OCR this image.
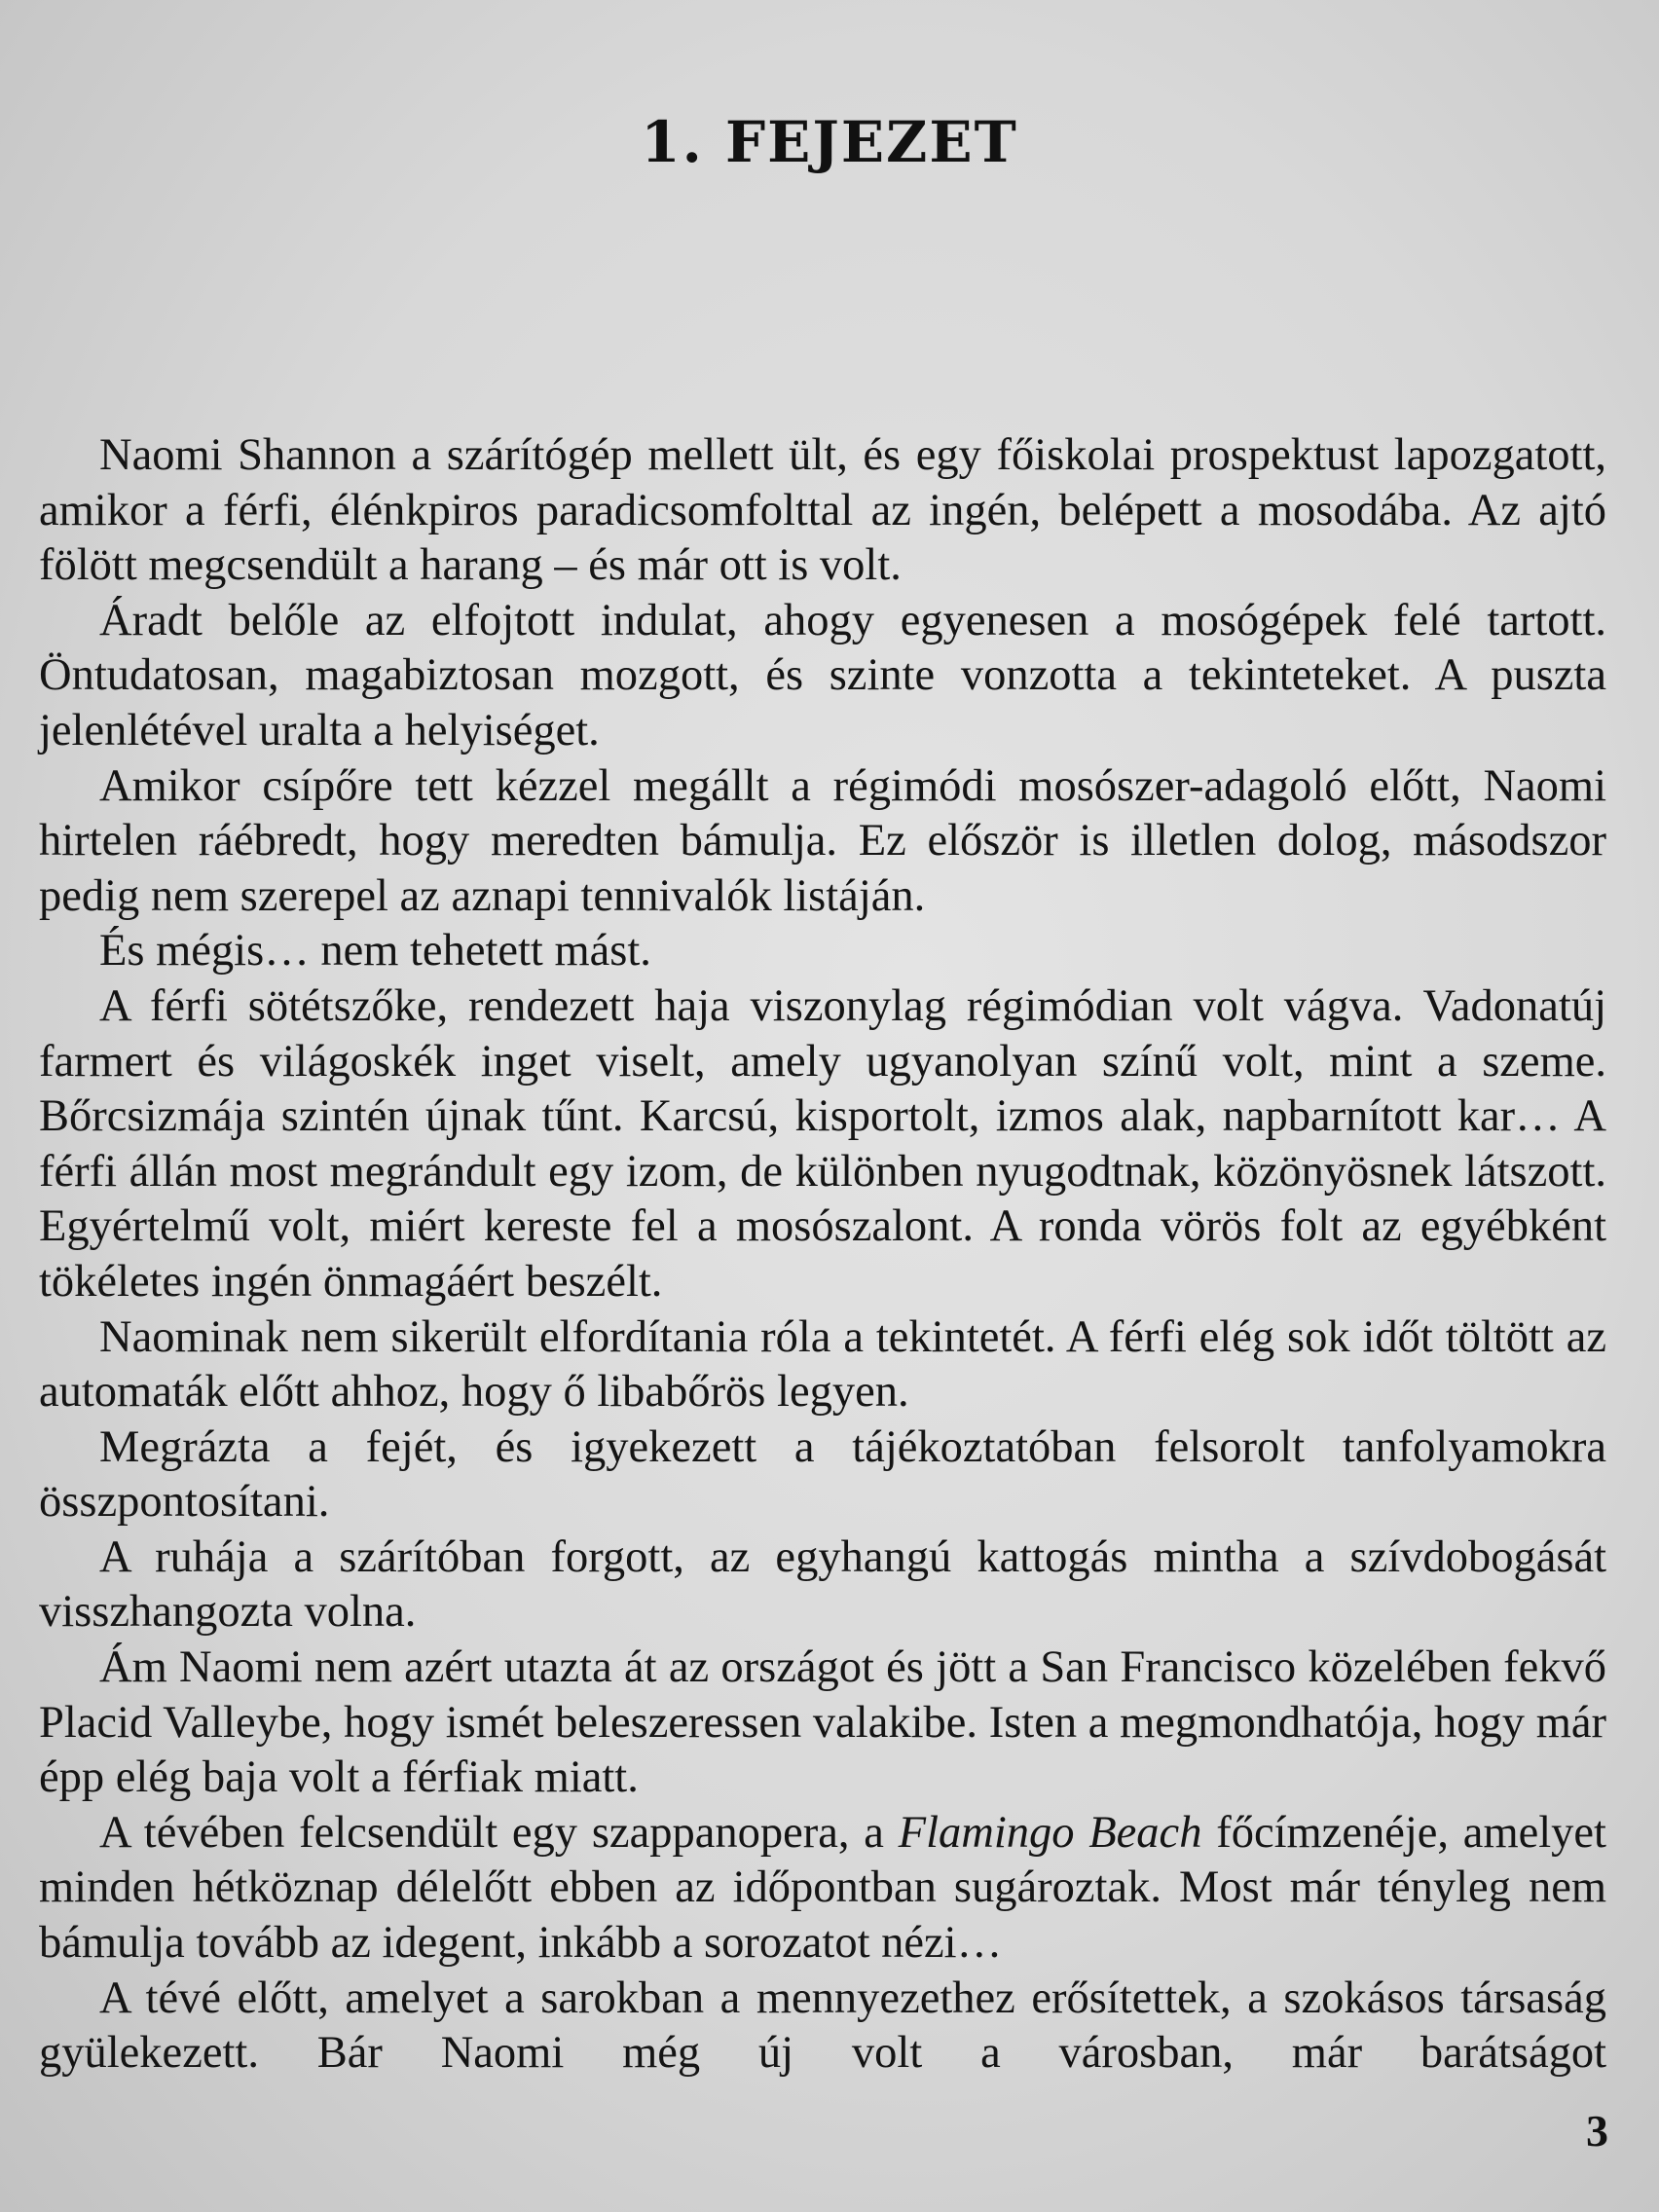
1. FEJEZET

Naomi Shannon a szárítógép mellett ült, és egy főiskolai prospektust lapozgatott, amikor a férfi, élénkpiros paradicsomfolttal az ingén, belépett a mosodába. Az ajtó fölött megcsendült a harang – és már ott is volt.

Áradt belőle az elfojtott indulat, ahogy egyenesen a mosógépek felé tartott. Öntudatosan, magabiztosan mozgott, és szinte vonzotta a tekinteteket. A puszta jelenlétével uralta a helyiséget.

Amikor csípőre tett kézzel megállt a régimódi mosószer-adagoló előtt, Naomi hirtelen ráébredt, hogy meredten bámulja. Ez először is illetlen dolog, másodszor pedig nem szerepel az aznapi tennivalók listáján.

És mégis… nem tehetett mást.

A férfi sötétszőke, rendezett haja viszonylag régimódian volt vágva. Vadonatúj farmert és világoskék inget viselt, amely ugyanolyan színű volt, mint a szeme. Bőrcsizmája szintén újnak tűnt. Karcsú, kisportolt, izmos alak, napbarnított kar… A férfi állán most megrándult egy izom, de különben nyugodtnak, közönyösnek látszott. Egyértelmű volt, miért kereste fel a mosószalont. A ronda vörös folt az egyébként tökéletes ingén önmagáért beszélt.

Naominak nem sikerült elfordítania róla a tekintetét. A férfi elég sok időt töltött az automaták előtt ahhoz, hogy ő libabőrös legyen.

Megrázta a fejét, és igyekezett a tájékoztatóban felsorolt tanfolyamokra összpontosítani.

A ruhája a szárítóban forgott, az egyhangú kattogás mintha a szívdobogását visszhangozta volna.

Ám Naomi nem azért utazta át az országot és jött a San Francisco közelében fekvő Placid Valleybe, hogy ismét beleszeressen valakibe. Isten a megmondhatója, hogy már épp elég baja volt a férfiak miatt.

A tévében felcsendült egy szappanopera, a Flamingo Beach főcímzenéje, amelyet minden hétköznap délelőtt ebben az időpontban sugároztak. Most már tényleg nem bámulja tovább az idegent, inkább a sorozatot nézi…

A tévé előtt, amelyet a sarokban a mennyezethez erősítettek, a szokásos társaság gyülekezett. Bár Naomi még új volt a városban, már barátságot

3
